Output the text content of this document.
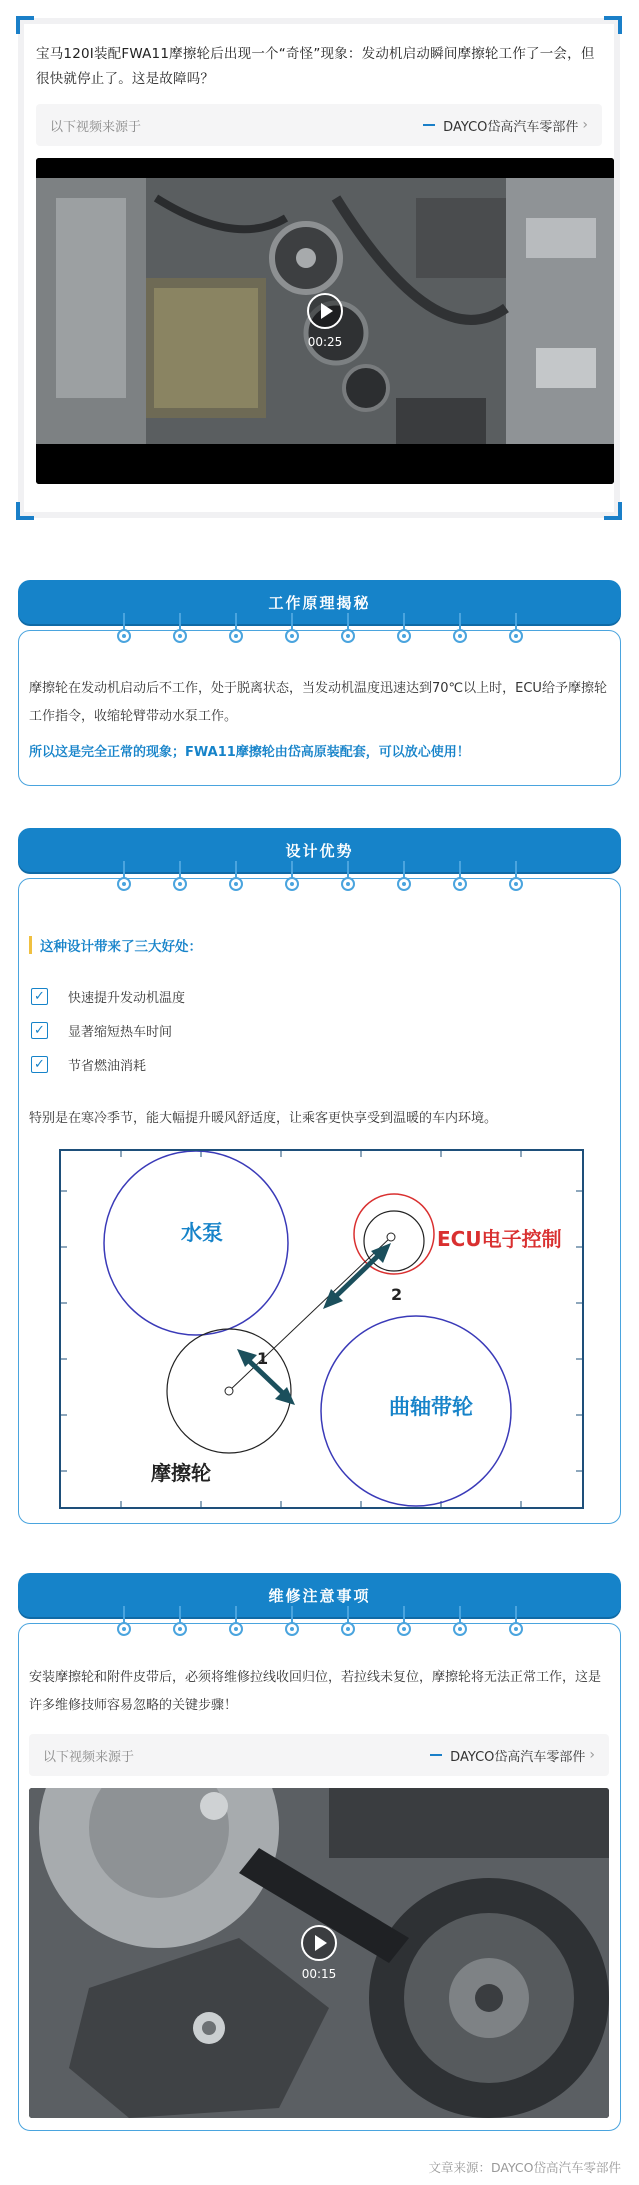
宝马120I装配FWA11摩擦轮后出现一个“奇怪”现象：发动机启动瞬间摩擦轮工作了一会，但很快就停止了。这是故障吗？

以下视频来源于	DAYCO岱高汽车零部件 ›
00:25
工作原理揭秘

摩擦轮在发动机启动后不工作，处于脱离状态，当发动机温度迅速达到70℃以上时，ECU给予摩擦轮工作指令，收缩轮臂带动水泵工作。

所以这是完全正常的现象；FWA11摩擦轮由岱高原装配套，可以放心使用！

设计优势
这种设计带来了三大好处：
✓ 快速提升发动机温度
✓ 显著缩短热车时间
✓ 节省燃油消耗

特别是在寒冷季节，能大幅提升暖风舒适度，让乘客更快享受到温暖的车内环境。

水泵	ECU电子控制
曲轴带轮
摩擦轮
1
2
维修注意事项

安装摩擦轮和附件皮带后，必须将维修拉线收回归位，若拉线未复位，摩擦轮将无法正常工作，这是许多维修技师容易忽略的关键步骤！

以下视频来源于	DAYCO岱高汽车零部件 ›
00:15
文章来源：DAYCO岱高汽车零部件
